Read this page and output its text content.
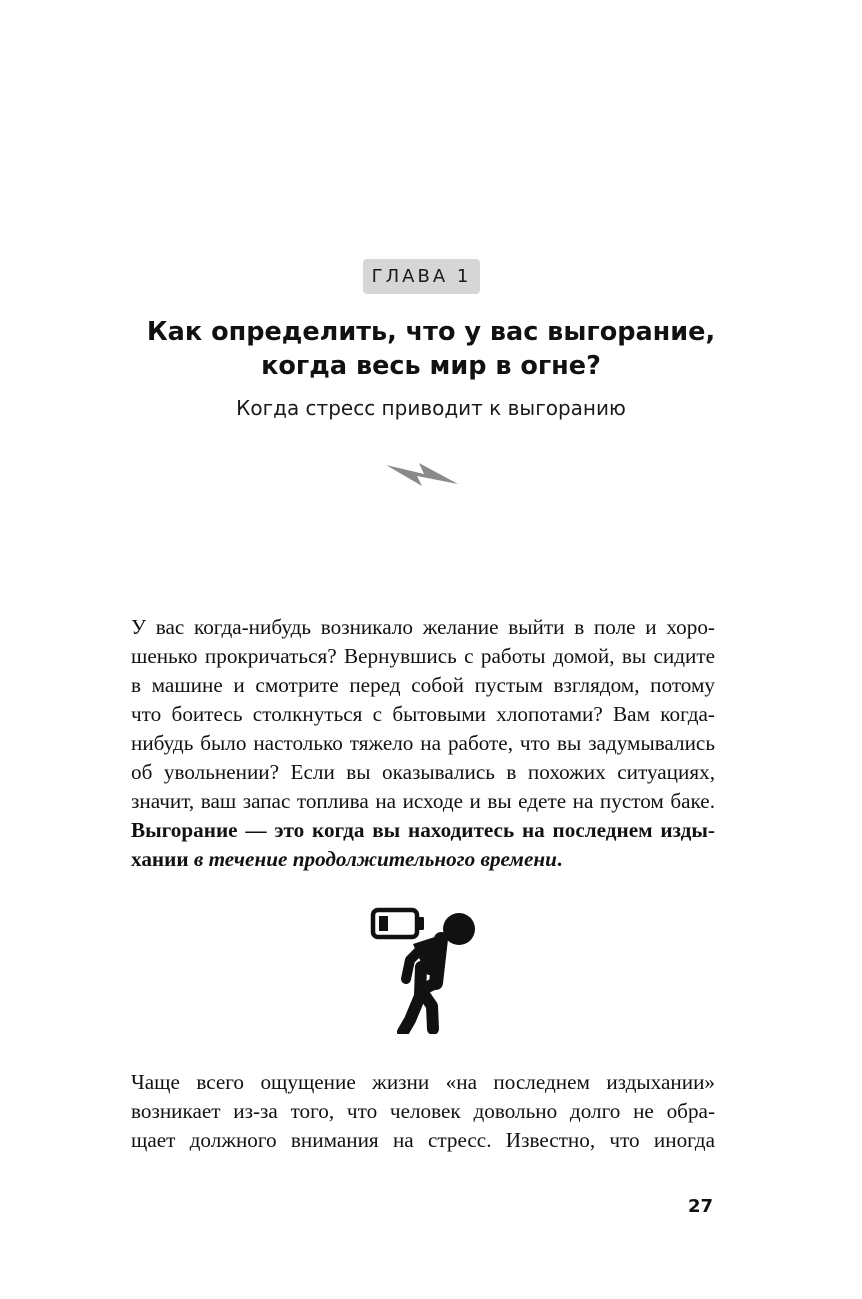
ГЛАВА 1
Как определить, что у вас выгорание,
когда весь мир в огне?
Когда стресс приводит к выгоранию
У вас когда-нибудь возникало желание выйти в поле и хоро-
шенько прокричаться? Вернувшись с работы домой, вы сидите
в машине и смотрите перед собой пустым взглядом, потому
что боитесь столкнуться с бытовыми хлопотами? Вам когда-
нибудь было настолько тяжело на работе, что вы задумывались
об увольнении? Если вы оказывались в похожих ситуациях,
значит, ваш запас топлива на исходе и вы едете на пустом баке.
Выгорание — это когда вы находитесь на последнем изды-
хании в течение продолжительного времени.
Чаще всего ощущение жизни «на последнем издыхании»
возникает из-за того, что человек довольно долго не обра-
щает должного внимания на стресс. Известно, что иногда
27
